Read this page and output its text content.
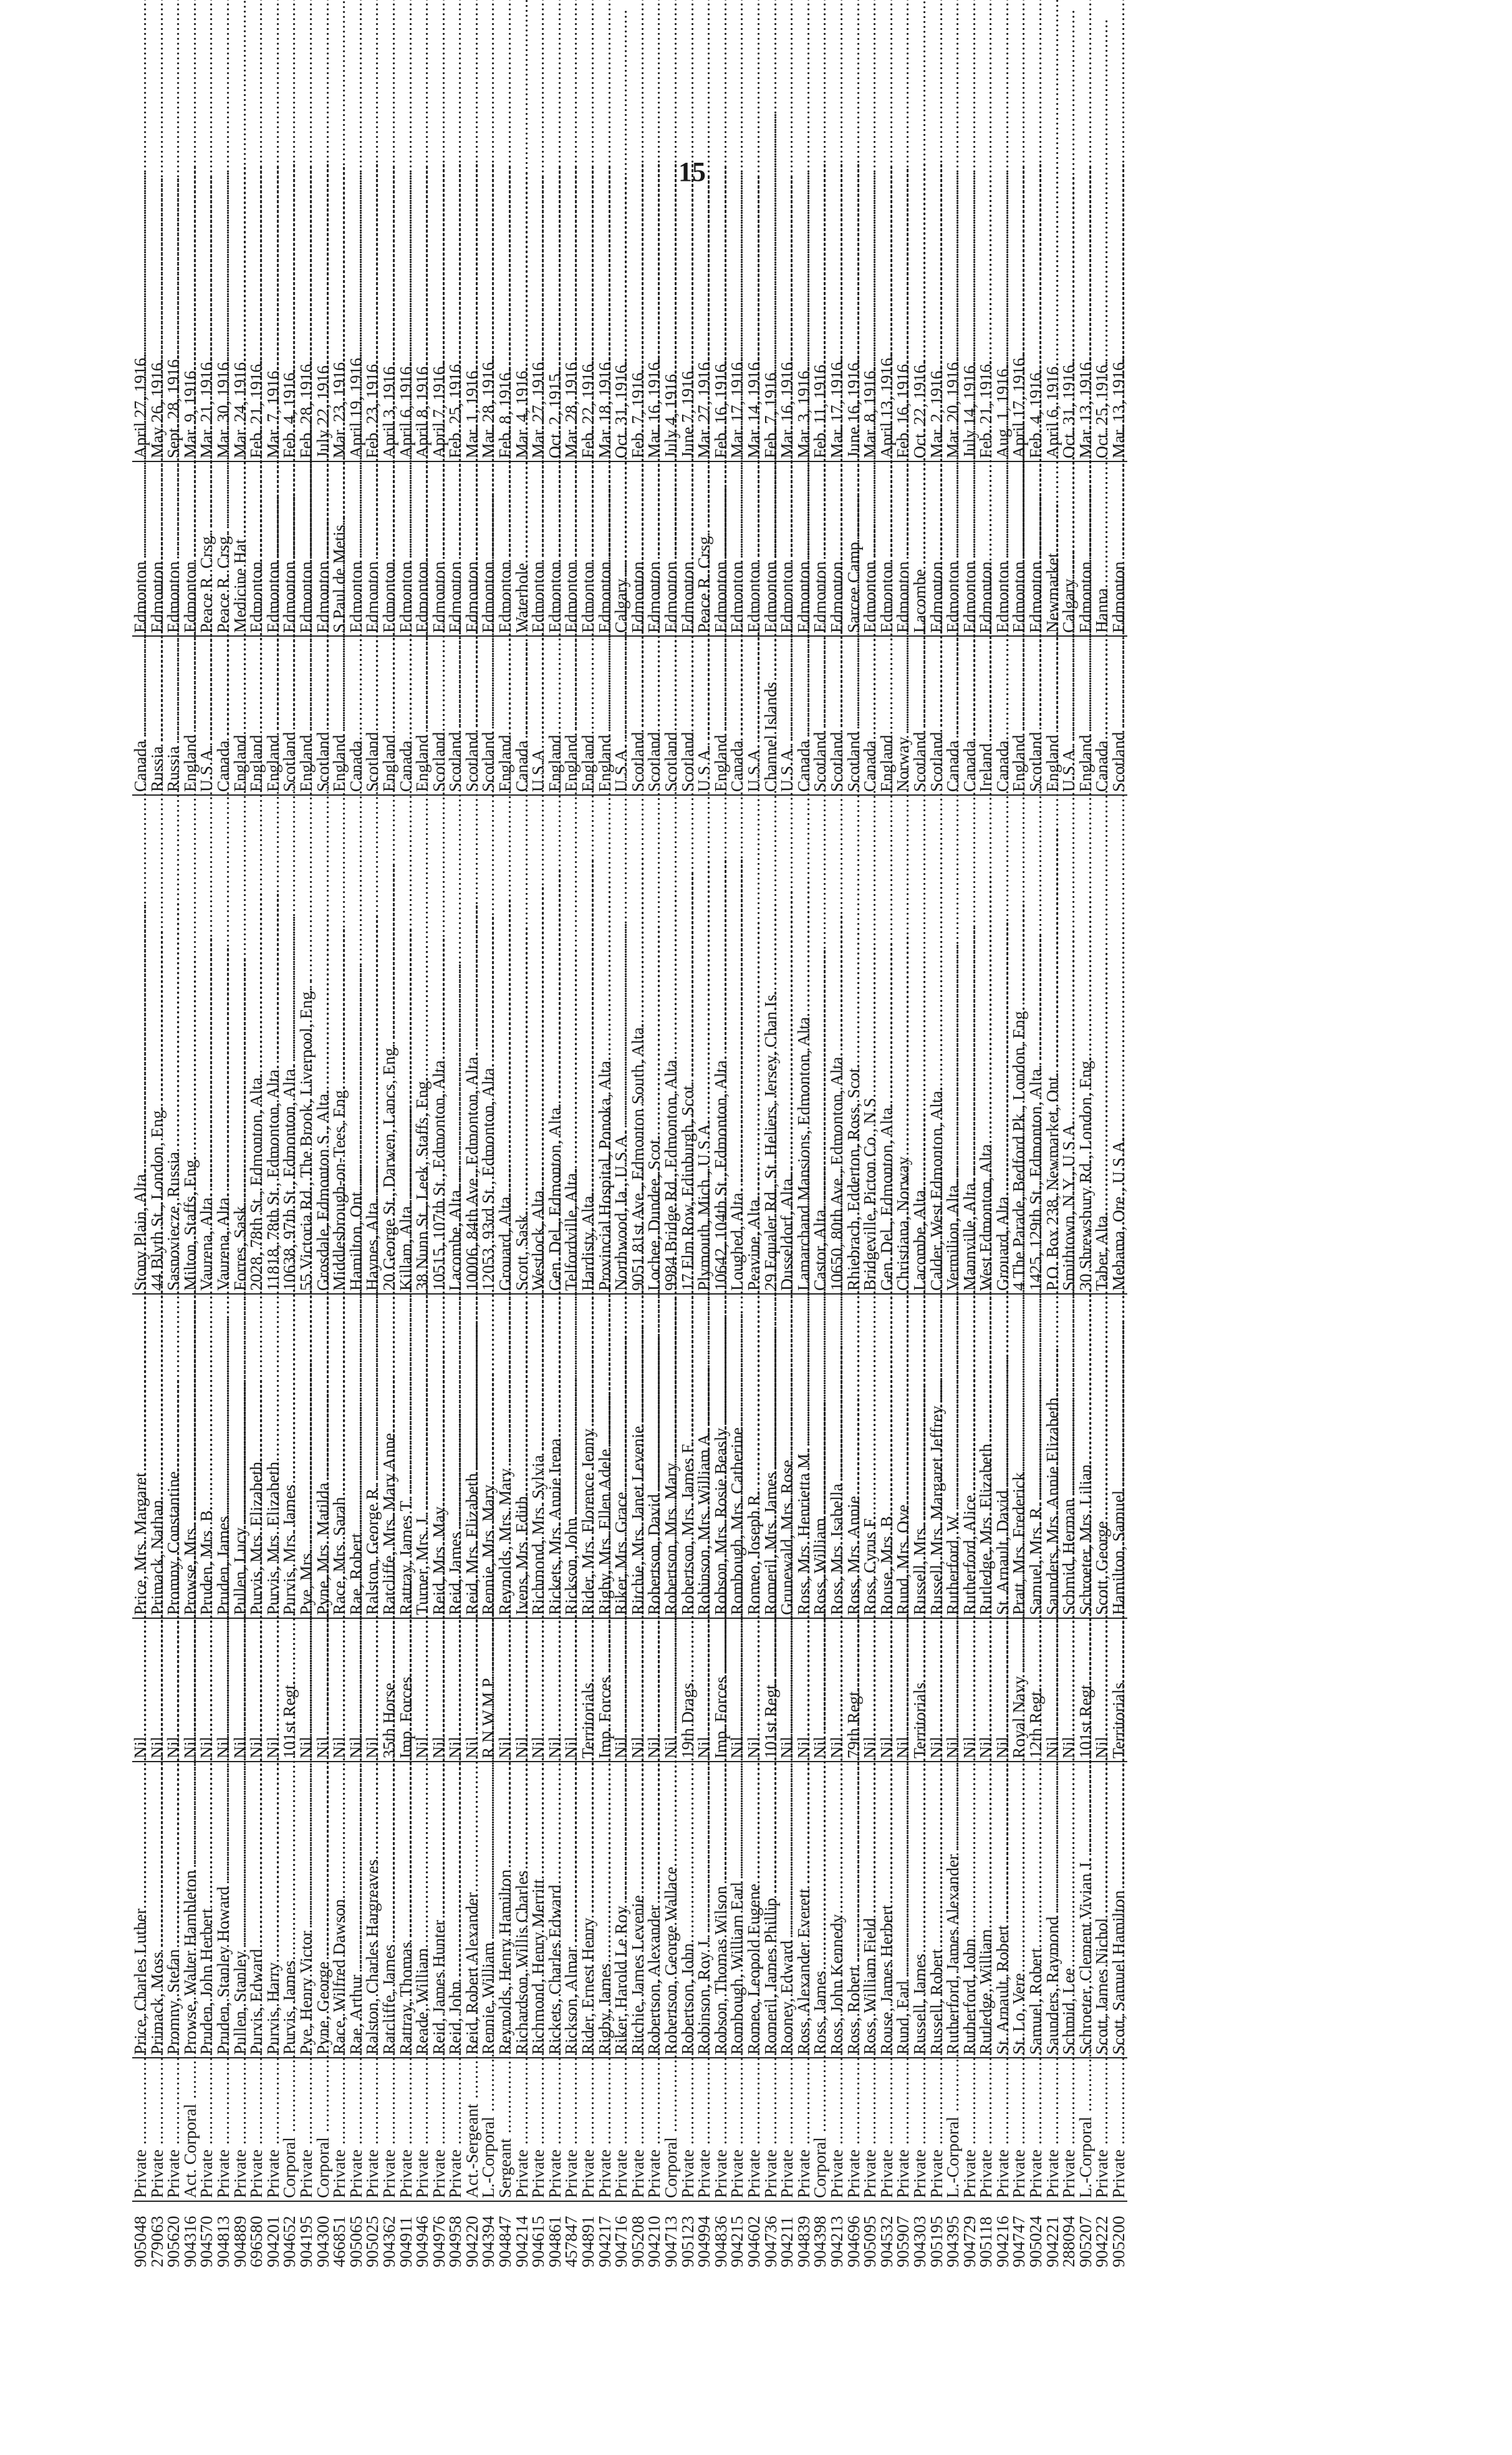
15
905048	Private .....	Price, Charles Luther .....	Nil .....	Price, Mrs. Margaret .....	Stony Plain, Alta. .....	Canada .....	Edmonton .....	April 27, 1916.
279063	Private .....	Primack, Moss .....	Nil .....	Primack, Nathan .....	44 Blyth St., London, Eng. .....	Russia .....	Edmonton .....	May 26, 1916.
905620	Private .....	Promny, Stefan .....	Nil .....	Promny, Constantine .....	Sasnoviecze, Russia .....	Russia .....	Edmonton .....	Sept. 28, 1916.
904316	Act. Corporal .....	Prowse, Walter Hambleton .....	Nil .....	Prowse, Mrs. .....	Milton, Staffs, Eng. .....	England .....	Edmonton .....	Mar. 9, 1916.
904570	Private .....	Pruden, John Herbert .....	Nil .....	Pruden, Mrs. B. .....	Vaurena, Alta. .....	U.S.A. .....	Peace R. Crsg. .....	Mar. 21, 1916.
904813	Private .....	Pruden, Stanley Howard .....	Nil .....	Pruden, James .....	Vaurena, Alta. .....	Canada .....	Peace R. Crsg. .....	Mar. 30, 1916.
904889	Private .....	Pullen, Stanley .....	Nil .....	Pullen, Lucy .....	Forres, Sask. .....	England .....	Medicine Hat .....	Mar. 24, 1916.
696580	Private .....	Purvis, Edward .....	Nil .....	Purvis, Mrs. Elizabeth .....	2028, 78th St., Edmonton, Alta. .....	England .....	Edmonton .....	Feb. 21, 1916.
904201	Private .....	Purvis, Harry .....	Nil .....	Purvis, Mrs. Elizabeth .....	11818, 78th St., Edmonton, Alta. .....	England .....	Edmonton .....	Mar. 7, 1916.
904652	Corporal .....	Purvis, James .....	101st Regt. .....	Purvis, Mrs. James .....	10638, 97th St., Edmonton, Alta. .....	Scotland .....	Edmonton .....	Feb. 4, 1916.
904195	Private .....	Pye, Henry Victor .....	Nil .....	Pye, Mrs. .....	55 Victoria Rd., The Brook, Liverpool, Eng. .....	England .....	Edmonton .....	Feb. 28, 1916.
904300	Corporal .....	Pyne, George .....	Nil .....	Pyne, Mrs. Matilda .....	Grosdale, Edmonton S., Alta. .....	Scotland .....	Edmonton .....	July 22, 1916.
466851	Private .....	Race, Wilfred Dawson .....	Nil .....	Race, Mrs. Sarah .....	Middlesbrough-on-Tees, Eng. .....	England .....	S.Paul de Metis .....	Mar. 23, 1916.
905065	Private .....	Rae, Arthur .....	Nil .....	Rae, Robert .....	Hamilton, Ont. .....	Canada .....	Edmonton .....	April 19, 1916.
905025	Private .....	Ralston, Charles Hargreaves .....	Nil .....	Ralston, George R. .....	Haynes, Alta. .....	Scotland .....	Edmonton .....	Feb. 23, 1916.
904362	Private .....	Ratcliffe, James .....	35th Horse .....	Ratcliffe, Mrs. Mary Anne .....	20 George St., Darwen, Lancs, Eng. .....	England .....	Edmonton .....	April 3, 1916.
904911	Private .....	Rattray, Thomas .....	Imp. Forces .....	Rattray, James T. .....	Killam, Alta. .....	Canada .....	Edmonton .....	April 6, 1916.
904946	Private .....	Reade, William .....	Nil .....	Turner, Mrs. J. .....	38 Nunn St., Leek, Staffs, Eng. .....	England .....	Edmonton .....	April 8, 1916.
904976	Private .....	Reid, James Hunter .....	Nil .....	Reid, Mrs. May .....	10515, 107th St., Edmonton, Alta. .....	Scotland .....	Edmonton .....	April 7, 1916.
904958	Private .....	Reid, John .....	Nil .....	Reid, James .....	Lacombe, Alta. .....	Scotland .....	Edmonton .....	Feb. 25, 1916.
904220	Act.-Sergeant .....	Reid, Robert Alexander .....	Nil .....	Reid, Mrs. Elizabeth .....	10006, 84th Ave., Edmonton, Alta. .....	Scotland .....	Edmonton .....	Mar. 1, 1916.
904394	L.-Corporal .....	Rennie, William .....	R.N.W.M.P. .....	Rennie, Mrs. Mary .....	12053, 93rd St., Edmonton, Alta. .....	Scotland .....	Edmonton .....	Mar. 28, 1916.
904847	Sergeant .....	Reynolds, Henry Hamilton .....	Nil .....	Reynolds, Mrs. Mary .....	Grouard, Alta. .....	England .....	Edmonton .....	Feb. 8, 1916.
904214	Private .....	Richardson, Willis Charles .....	Nil .....	Ivens, Mrs. Edith .....	Scott, Sask. .....	Canada .....	Waterhole .....	Mar. 4, 1916.
904615	Private .....	Richmond, Henry Merritt .....	Nil .....	Richmond, Mrs. Sylvia .....	Westlock, Alta. .....	U.S.A. .....	Edmonton .....	Mar. 27, 1916.
904861	Private .....	Rickets, Charles Edward .....	Nil .....	Rickets, Mrs. Annie Irena .....	Gen. Del., Edmonton, Alta. .....	England .....	Edmonton .....	Oct. 2, 1915.
457847	Private .....	Rickson, Almar .....	Nil .....	Rickson, John .....	Telfordville, Alta. .....	England .....	Edmonton .....	Mar. 28, 1916.
904891	Private .....	Rider, Ernest Henry .....	Territorials .....	Rider, Mrs. Florence Jenny .....	Hardisty, Alta. .....	England .....	Edmonton .....	Feb. 22, 1916.
904217	Private .....	Rigby, James .....	Imp. Forces .....	Rigby, Mrs. Ellen Adele .....	Provincial Hospital, Ponoka, Alta. .....	England .....	Edmonton .....	Mar. 18, 1916.
904716	Private .....	Riker, Harold Le Roy .....	Nil .....	Riker, Mrs. Grace .....	Northwood, Ia., U.S.A. .....	U.S.A. .....	Calgary .....	Oct. 31, 1916.
905208	Private .....	Ritchie, James Levenie .....	Nil .....	Ritchie, Mrs. Janet Levenie .....	9051 81st Ave., Edmonton South, Alta. .....	Scotland .....	Edmonton .....	Feb. 7, 1916.
904210	Private .....	Robertson, Alexander .....	Nil .....	Robertson, David .....	Lochee, Dundee, Scot. .....	Scotland .....	Edmonton .....	Mar. 16, 1916.
904713	Corporal .....	Robertson, George Wallace .....	Nil .....	Robertson, Mrs. Mary .....	9984 Bridge Rd., Edmonton, Alta. .....	Scotland .....	Edmonton .....	July 4, 1916.
905123	Private .....	Robertson, John .....	19th Drags. .....	Robertson, Mrs. James F. .....	17 Elm Row, Edinburgh, Scot. .....	Scotland .....	Edmonton .....	June 7, 1916.
904994	Private .....	Robinson, Roy J. .....	Nil .....	Robinson, Mrs. William A. .....	Plymouth, Mich., U.S.A. .....	U.S.A. .....	Peace R. Crsg. .....	Mar. 27, 1916.
904836	Private .....	Robson, Thomas Wilson .....	Imp. Forces .....	Robson, Mrs. Rosie Beasly .....	10642, 104th St., Edmonton, Alta. .....	England .....	Edmonton .....	Feb. 16, 1916.
904215	Private .....	Rombough, William Earl .....	Nil .....	Rombough, Mrs. Catherine .....	Loughed, Alta. .....	Canada .....	Edmonton .....	Mar. 17, 1916.
904602	Private .....	Romeo, Leopold Eugene .....	Nil .....	Romeo, Joseph R. .....	Peavine, Alta. .....	U.S.A. .....	Edmonton .....	Mar. 14, 1916.
904736	Private .....	Romeril, James Phillip .....	101st Regt. .....	Romeril, Mrs. James .....	29 Equaler Rd., St. Heliers, Jersey, Chan.Is. .....	Channel Islands .....	Edmonton .....	Feb. 7, 1916.
904211	Private .....	Rooney, Edward .....	Nil .....	Grunewald, Mrs. Rose .....	Dusseldorf, Alta. .....	U.S.A. .....	Edmonton .....	Mar. 16, 1916.
904839	Private .....	Ross, Alexander Everett .....	Nil .....	Ross, Mrs. Henrietta M. .....	Lamarchand Mansions, Edmonton, Alta. .....	Canada .....	Edmonton .....	Mar. 3, 1916.
904398	Corporal .....	Ross, James .....	Nil .....	Ross, William .....	Castor, Alta. .....	Scotland .....	Edmonton .....	Feb. 11, 1916.
904213	Private .....	Ross, John Kennedy .....	Nil .....	Ross, Mrs. Isabella .....	10650, 80th Ave., Edmonton, Alta. .....	Scotland .....	Edmonton .....	Mar. 17, 1916.
904696	Private .....	Ross, Robert .....	79th Regt. .....	Ross, Mrs. Annie .....	Rhiebrach, Edderton, Ross, Scot. .....	Scotland .....	Sarcee Camp .....	June 16, 1916.
905095	Private .....	Ross, William Field .....	Nil .....	Ross, Cyrus F. .....	Bridgeville, Picton Co., N.S. .....	Canada .....	Edmonton .....	Mar. 8, 1916.
904532	Private .....	Rouse, James Herbert .....	Nil .....	Rouse, Mrs. B. .....	Gen. Del., Edmonton, Alta. .....	England .....	Edmonton .....	April 13, 1916.
905907	Private .....	Rund, Earl .....	Nil .....	Rund, Mrs. Ove .....	Christiana, Norway .....	Norway .....	Edmonton .....	Feb. 16, 1916.
904303	Private .....	Russell, James .....	Territorials .....	Russell, Mrs. .....	Lacombe, Alta. .....	Scotland .....	Lacombe .....	Oct. 22, 1916.
905195	Private .....	Russell, Robert .....	Nil .....	Russell, Mrs. Margaret Jeffrey .....	Calder, West Edmonton, Alta. .....	Scotland .....	Edmonton .....	Mar. 2, 1916.
904395	L.-Corporal .....	Rutherford, James Alexander .....	Nil .....	Rutherford, W. .....	Vermilion, Alta. .....	Canada .....	Edmonton .....	Mar. 20, 1916.
904729	Private .....	Rutherford, John .....	Nil .....	Rutherford, Alice .....	Mannville, Alta. .....	Canada .....	Edmonton .....	July 14, 1916.
905118	Private .....	Rutledge, William .....	Nil .....	Rutledge, Mrs. Elizabeth .....	West Edmonton, Alta. .....	Ireland .....	Edmonton .....	Feb. 21, 1916.
904216	Private .....	St. Arnault, Robert .....	Nil .....	St. Arnault, David .....	Grouard, Alta. .....	Canada .....	Edmonton .....	Aug. 1, 1916.
904747	Private .....	St. Lo, Vere .....	Royal Navy .....	Pratt, Mrs. Frederick .....	4 The Parade, Bedford Pk., London, Eng. .....	England .....	Edmonton .....	April 17, 1916.
905024	Private .....	Samuel, Robert .....	12th Regt. .....	Samuel, Mrs. R. .....	1425, 129th St., Edmonton, Alta. .....	Scotland .....	Edmonton .....	Feb. 4, 1916.
904221	Private .....	Saunders, Raymond .....	Nil .....	Saunders, Mrs. Annie Elizabeth .....	P.O. Box 238, Newmarket, Ont. .....	England .....	Newmarket .....	April 6, 1916.
288094	Private .....	Schmid, Lee .....	Nil .....	Schmid, Herman .....	Smithtown, N.Y., U.S.A. .....	U.S.A. .....	Calgary .....	Oct. 31, 1916.
905207	L.-Corporal .....	Schroeter, Clement Vivian J. .....	101st Regt. .....	Schroeter, Mrs. Lilian .....	30 Shrewsbury Rd., London, Eng. .....	England .....	Edmonton .....	Mar. 13, 1916.
904222	Private .....	Scott, James Nichol .....	Nil .....	Scott, George .....	Taber, Alta. .....	Canada .....	Hanna .....	Oct. 25, 1916.
905200	Private .....	Scott, Samuel Hamilton .....	Territorials .....	Hamilton, Samuel .....	Mehama, Ore., U.S.A. .....	Scotland .....	Edmonton .....	Mar. 13, 1916.
